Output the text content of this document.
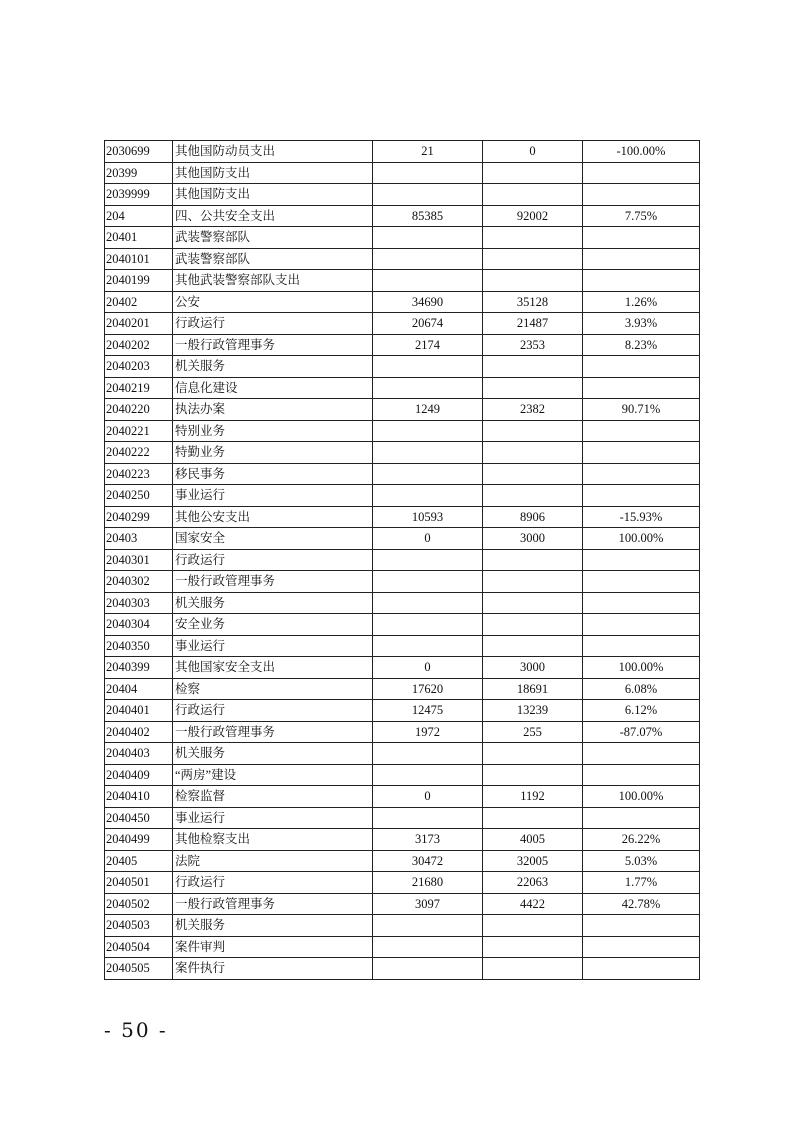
2030699	其他国防动员支出	21	0	-100.00%
20399	其他国防支出			
2039999	其他国防支出			
204	四、公共安全支出	85385	92002	7.75%
20401	武装警察部队			
2040101	武装警察部队			
2040199	其他武装警察部队支出			
20402	公安	34690	35128	1.26%
2040201	行政运行	20674	21487	3.93%
2040202	一般行政管理事务	2174	2353	8.23%
2040203	机关服务			
2040219	信息化建设			
2040220	执法办案	1249	2382	90.71%
2040221	特别业务			
2040222	特勤业务			
2040223	移民事务			
2040250	事业运行			
2040299	其他公安支出	10593	8906	-15.93%
20403	国家安全	0	3000	100.00%
2040301	行政运行			
2040302	一般行政管理事务			
2040303	机关服务			
2040304	安全业务			
2040350	事业运行			
2040399	其他国家安全支出	0	3000	100.00%
20404	检察	17620	18691	6.08%
2040401	行政运行	12475	13239	6.12%
2040402	一般行政管理事务	1972	255	-87.07%
2040403	机关服务			
2040409	“两房”建设			
2040410	检察监督	0	1192	100.00%
2040450	事业运行			
2040499	其他检察支出	3173	4005	26.22%
20405	法院	30472	32005	5.03%
2040501	行政运行	21680	22063	1.77%
2040502	一般行政管理事务	3097	4422	42.78%
2040503	机关服务			
2040504	案件审判			
2040505	案件执行			
- 50 -
